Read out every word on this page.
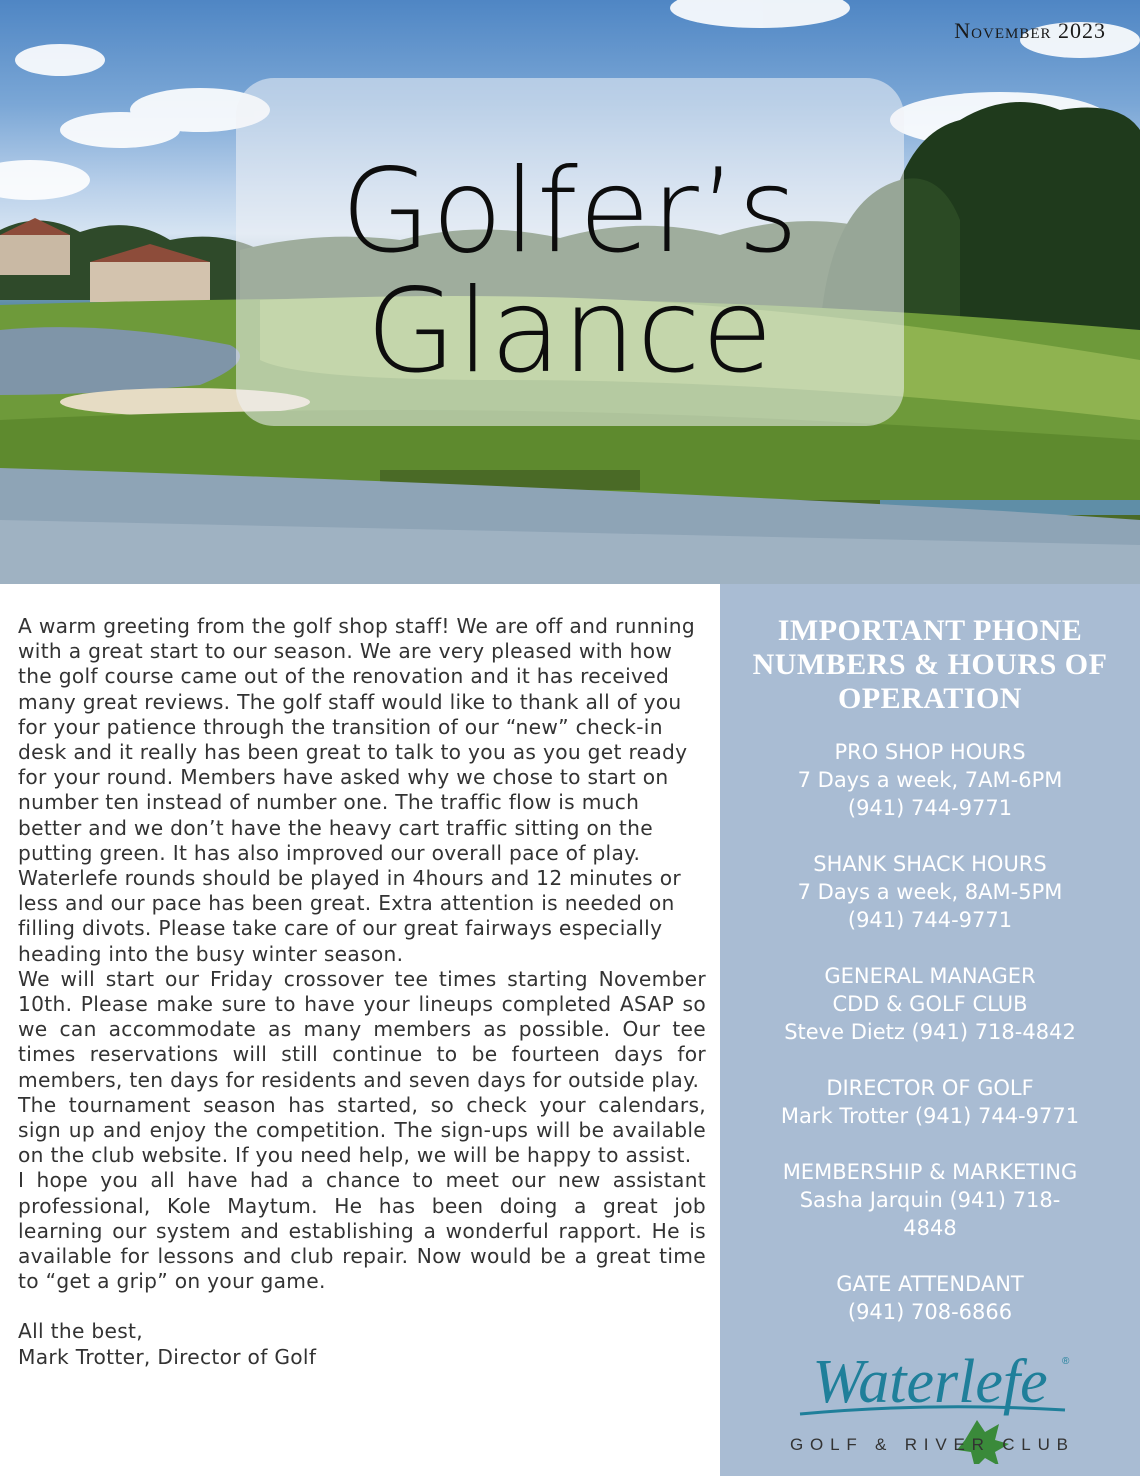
November 2023
Golfer’s
Glance

A warm greeting from the golf shop staff! We are off and running with a great start to our season. We are very pleased with how the golf course came out of the renovation and it has received many great reviews. The golf staff would like to thank all of you for your patience through the transition of our “new” check-in desk and it really has been great to talk to you as you get ready for your round. Members have asked why we chose to start on number ten instead of number one. The traffic flow is much better and we don’t have the heavy cart traffic sitting on the putting green. It has also improved our overall pace of play. Waterlefe rounds should be played in 4hours and 12 minutes or less and our pace has been great. Extra attention is needed on filling divots. Please take care of our great fairways especially heading into the busy winter season.

We will start our Friday crossover tee times starting November 10th. Please make sure to have your lineups completed ASAP so we can accommodate as many members as possible. Our tee times reservations will still continue to be fourteen days for members, ten days for residents and seven days for outside play.

The tournament season has started, so check your calendars, sign up and enjoy the competition. The sign-ups will be available on the club website. If you need help, we will be happy to assist.

I hope you all have had a chance to meet our new assistant professional, Kole Maytum. He has been doing a great job learning our system and establishing a wonderful rapport. He is available for lessons and club repair. Now would be a great time to “get a grip” on your game.

All the best,

Mark Trotter, Director of Golf

IMPORTANT PHONE NUMBERS & HOURS OF OPERATION
PRO SHOP HOURS
7 Days a week, 7AM-6PM
(941) 744-9771
SHANK SHACK HOURS
7 Days a week, 8AM-5PM
(941) 744-9771
GENERAL MANAGER
CDD & GOLF CLUB
Steve Dietz (941) 718-4842
DIRECTOR OF GOLF
Mark Trotter (941) 744-9771
MEMBERSHIP & MARKETING
Sasha Jarquin (941) 718-4848
GATE ATTENDANT
(941) 708-6866
Waterlefe ®
GOLF & RIVER CLUB
